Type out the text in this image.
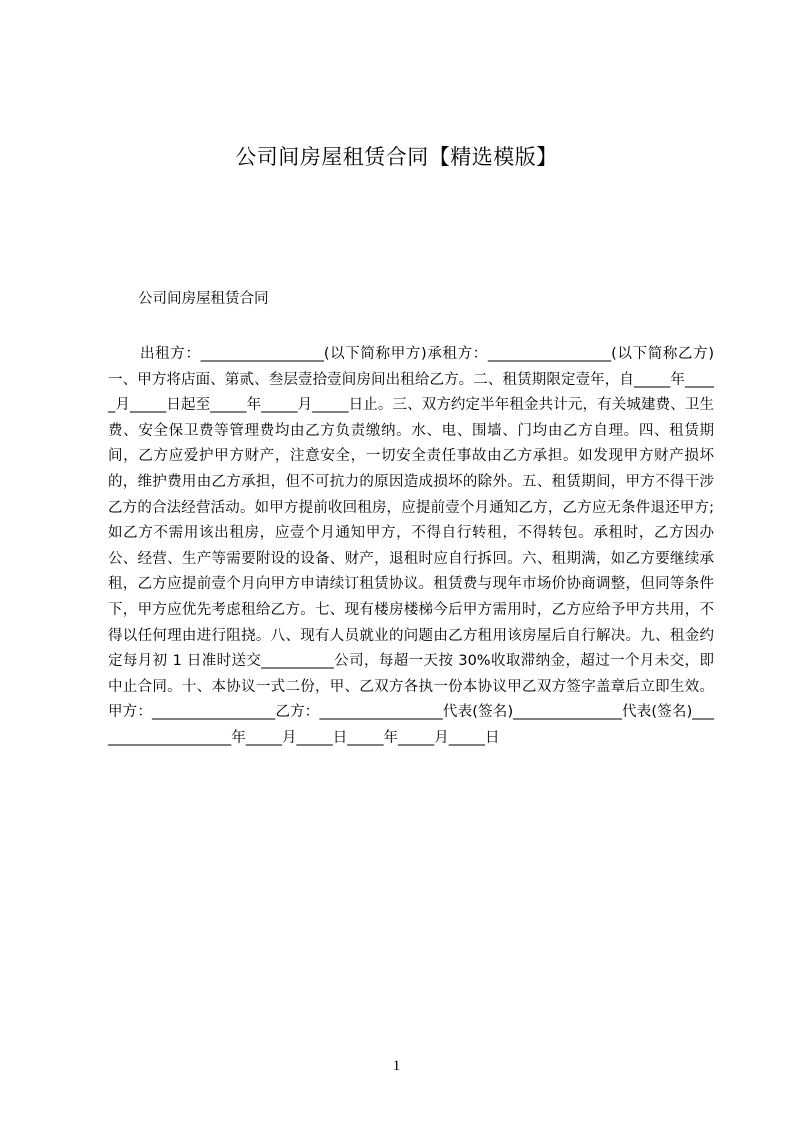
公司间房屋租赁合同【精选模版】
公司间房屋租赁合同
出租方：_________________(以下简称甲方)承租方：_________________(以下简称乙方)一、甲方将店面、第贰、叁层壹拾壹间房间出租给乙方。二、租赁期限定壹年，自_____年_____月_____日起至_____年_____月_____日止。三、双方约定半年租金共计元，有关城建费、卫生费、安全保卫费等管理费均由乙方负责缴纳。水、电、围墙、门均由乙方自理。四、租赁期间，乙方应爱护甲方财产，注意安全，一切安全责任事故由乙方承担。如发现甲方财产损坏的，维护费用由乙方承担，但不可抗力的原因造成损坏的除外。五、租赁期间，甲方不得干涉乙方的合法经营活动。如甲方提前收回租房，应提前壹个月通知乙方，乙方应无条件退还甲方;如乙方不需用该出租房，应壹个月通知甲方，不得自行转租，不得转包。承租时，乙方因办公、经营、生产等需要附设的设备、财产，退租时应自行拆回。六、租期满，如乙方要继续承租，乙方应提前壹个月向甲方申请续订租赁协议。租赁费与现年市场价协商调整，但同等条件下，甲方应优先考虑租给乙方。七、现有楼房楼梯今后甲方需用时，乙方应给予甲方共用，不得以任何理由进行阻挠。八、现有人员就业的问题由乙方租用该房屋后自行解决。九、租金约定每月初 1 日准时送交__________公司，每超一天按 30%收取滞纳金，超过一个月未交，即中止合同。十、本协议一式二份，甲、乙双方各执一份本协议甲乙双方签字盖章后立即生效。甲方：_________________乙方：_________________代表(签名)_______________代表(签名)____________________年_____月_____日_____年_____月_____日
1
